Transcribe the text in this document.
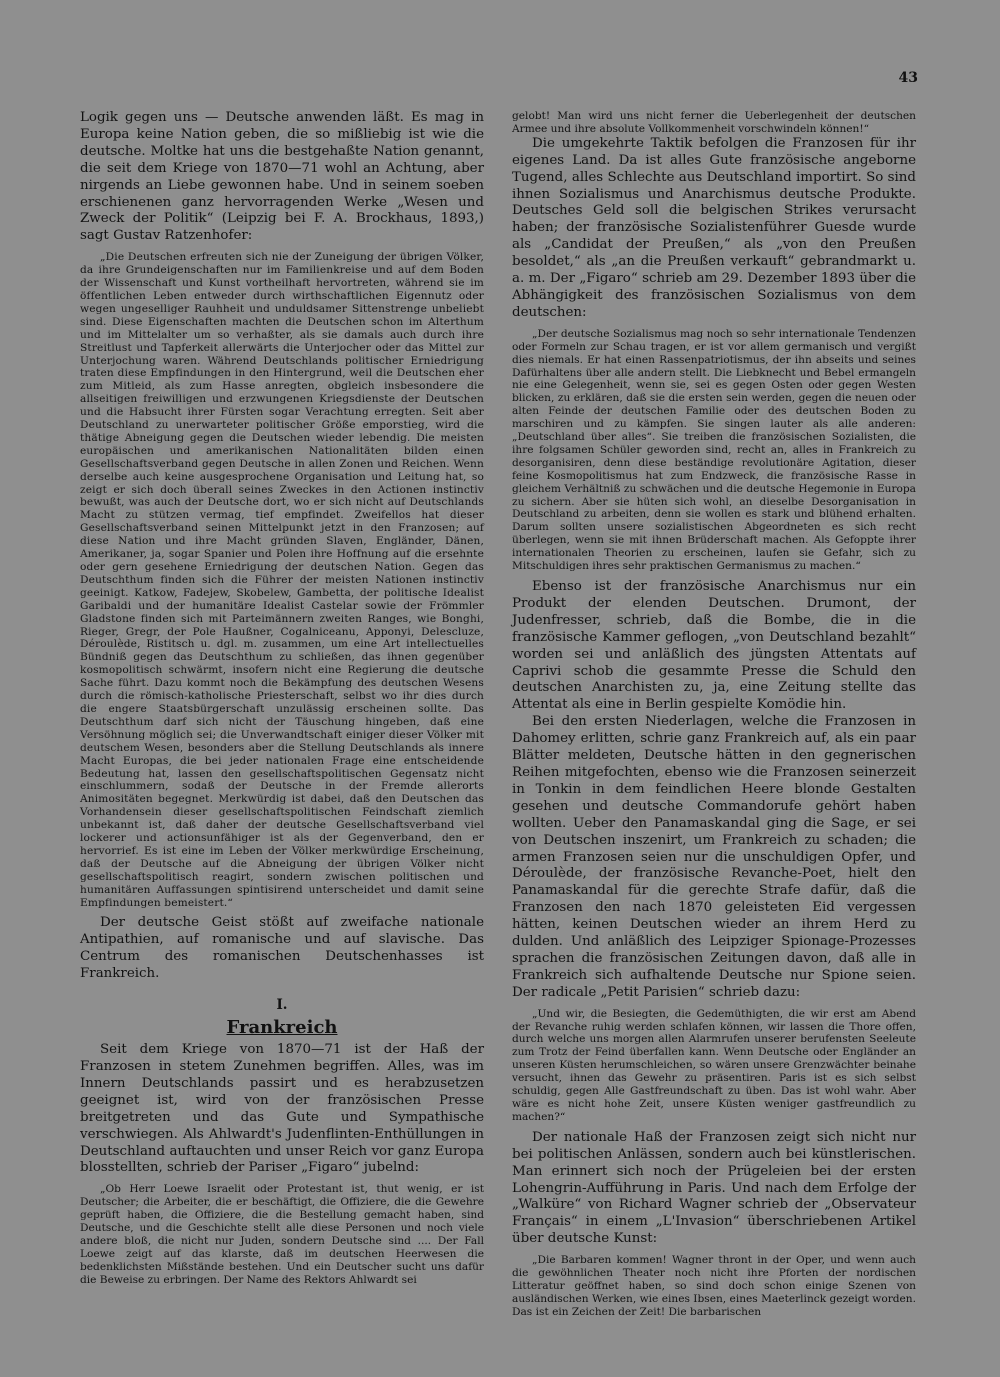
43

Logik gegen uns — Deutsche anwenden läßt. Es mag in Europa keine Nation geben, die so mißliebig ist wie die deutsche. Moltke hat uns die bestgehaßte Nation genannt, die seit dem Kriege von 1870—71 wohl an Achtung, aber nirgends an Liebe gewonnen habe. Und in seinem soeben erschienenen ganz hervorragenden Werke „Wesen und Zweck der Politik“ (Leipzig bei F. A. Brockhaus, 1893,) sagt Gustav Ratzenhofer:

„Die Deutschen erfreuten sich nie der Zuneigung der übrigen Völker, da ihre Grundeigenschaften nur im Familienkreise und auf dem Boden der Wissenschaft und Kunst vortheilhaft hervortreten, während sie im öffentlichen Leben entweder durch wirthschaftlichen Eigennutz oder wegen ungeselliger Rauhheit und unduldsamer Sittenstrenge unbeliebt sind. Diese Eigenschaften machten die Deutschen schon im Alterthum und im Mittelalter um so verhaßter, als sie damals auch durch ihre Streitlust und Tapferkeit allerwärts die Unterjocher oder das Mittel zur Unterjochung waren. Während Deutschlands politischer Erniedrigung traten diese Empfindungen in den Hintergrund, weil die Deutschen eher zum Mitleid, als zum Hasse anregten, obgleich insbesondere die allseitigen freiwilligen und erzwungenen Kriegsdienste der Deutschen und die Habsucht ihrer Fürsten sogar Verachtung erregten. Seit aber Deutschland zu unerwarteter politischer Größe emporstieg, wird die thätige Abneigung gegen die Deutschen wieder lebendig. Die meisten europäischen und amerikanischen Nationalitäten bilden einen Gesellschaftsverband gegen Deutsche in allen Zonen und Reichen. Wenn derselbe auch keine ausgesprochene Organisation und Leitung hat, so zeigt er sich doch überall seines Zweckes in den Actionen instinctiv bewußt, was auch der Deutsche dort, wo er sich nicht auf Deutschlands Macht zu stützen vermag, tief empfindet. Zweifellos hat dieser Gesellschaftsverband seinen Mittelpunkt jetzt in den Franzosen; auf diese Nation und ihre Macht gründen Slaven, Engländer, Dänen, Amerikaner, ja, sogar Spanier und Polen ihre Hoffnung auf die ersehnte oder gern gesehene Erniedrigung der deutschen Nation. Gegen das Deutschthum finden sich die Führer der meisten Nationen instinctiv geeinigt. Katkow, Fadejew, Skobelew, Gambetta, der politische Idealist Garibaldi und der humanitäre Idealist Castelar sowie der Frömmler Gladstone finden sich mit Parteimännern zweiten Ranges, wie Bonghi, Rieger, Gregr, der Pole Haußner, Cogalniceanu, Apponyi, Delescluze, Déroulède, Ristitsch u. dgl. m. zusammen, um eine Art intellectuelles Bündniß gegen das Deutschthum zu schließen, das ihnen gegenüber kosmopolitisch schwärmt, insofern nicht eine Regierung die deutsche Sache führt. Dazu kommt noch die Bekämpfung des deutschen Wesens durch die römisch-katholische Priesterschaft, selbst wo ihr dies durch die engere Staatsbürgerschaft unzulässig erscheinen sollte. Das Deutschthum darf sich nicht der Täuschung hingeben, daß eine Versöhnung möglich sei; die Unverwandtschaft einiger dieser Völker mit deutschem Wesen, besonders aber die Stellung Deutschlands als innere Macht Europas, die bei jeder nationalen Frage eine entscheidende Bedeutung hat, lassen den gesellschaftspolitischen Gegensatz nicht einschlummern, sodaß der Deutsche in der Fremde allerorts Animositäten begegnet. Merkwürdig ist dabei, daß den Deutschen das Vorhandensein dieser gesellschaftspolitischen Feindschaft ziemlich unbekannt ist, daß daher der deutsche Gesellschaftsverband viel lockerer und actionsunfähiger ist als der Gegenverband, den er hervorrief. Es ist eine im Leben der Völker merkwürdige Erscheinung, daß der Deutsche auf die Abneigung der übrigen Völker nicht gesellschaftspolitisch reagirt, sondern zwischen politischen und humanitären Auffassungen spintisirend unterscheidet und damit seine Empfindungen bemeistert.“

Der deutsche Geist stößt auf zweifache nationale Antipathien, auf romanische und auf slavische. Das Centrum des romanischen Deutschenhasses ist Frankreich.

I.
Frankreich

Seit dem Kriege von 1870—71 ist der Haß der Franzosen in stetem Zunehmen begriffen. Alles, was im Innern Deutschlands passirt und es herabzusetzen geeignet ist, wird von der französischen Presse breitgetreten und das Gute und Sympathische verschwiegen. Als Ahlwardt's Judenflinten-Enthüllungen in Deutschland auftauchten und unser Reich vor ganz Europa blosstellten, schrieb der Pariser „Figaro“ jubelnd:

„Ob Herr Loewe Israelit oder Protestant ist, thut wenig, er ist Deutscher; die Arbeiter, die er beschäftigt, die Offiziere, die die Gewehre geprüft haben, die Offiziere, die die Bestellung gemacht haben, sind Deutsche, und die Geschichte stellt alle diese Personen und noch viele andere bloß, die nicht nur Juden, sondern Deutsche sind .... Der Fall Loewe zeigt auf das klarste, daß im deutschen Heerwesen die bedenklichsten Mißstände bestehen. Und ein Deutscher sucht uns dafür die Beweise zu erbringen. Der Name des Rektors Ahlwardt sei

gelobt! Man wird uns nicht ferner die Ueberlegenheit der deutschen Armee und ihre absolute Vollkommenheit vorschwindeln können!“

Die umgekehrte Taktik befolgen die Franzosen für ihr eigenes Land. Da ist alles Gute französische angeborne Tugend, alles Schlechte aus Deutschland importirt. So sind ihnen Sozialismus und Anarchismus deutsche Produkte. Deutsches Geld soll die belgischen Strikes verursacht haben; der französische Sozialistenführer Guesde wurde als „Candidat der Preußen,“ als „von den Preußen besoldet,“ als „an die Preußen verkauft“ gebrandmarkt u. a. m. Der „Figaro“ schrieb am 29. Dezember 1893 über die Abhängigkeit des französischen Sozialismus von dem deutschen:

„Der deutsche Sozialismus mag noch so sehr internationale Tendenzen oder Formeln zur Schau tragen, er ist vor allem germanisch und vergißt dies niemals. Er hat einen Rassenpatriotismus, der ihn abseits und seines Dafürhaltens über alle andern stellt. Die Liebknecht und Bebel ermangeln nie eine Gelegenheit, wenn sie, sei es gegen Osten oder gegen Westen blicken, zu erklären, daß sie die ersten sein werden, gegen die neuen oder alten Feinde der deutschen Familie oder des deutschen Boden zu marschiren und zu kämpfen. Sie singen lauter als alle anderen: „Deutschland über alles“. Sie treiben die französischen Sozialisten, die ihre folgsamen Schüler geworden sind, recht an, alles in Frankreich zu desorganisiren, denn diese beständige revolutionäre Agitation, dieser feine Kosmopolitismus hat zum Endzweck, die französische Rasse in gleichem Verhältniß zu schwächen und die deutsche Hegemonie in Europa zu sichern. Aber sie hüten sich wohl, an dieselbe Desorganisation in Deutschland zu arbeiten, denn sie wollen es stark und blühend erhalten. Darum sollten unsere sozialistischen Abgeordneten es sich recht überlegen, wenn sie mit ihnen Brüderschaft machen. Als Gefoppte ihrer internationalen Theorien zu erscheinen, laufen sie Gefahr, sich zu Mitschuldigen ihres sehr praktischen Germanismus zu machen.“

Ebenso ist der französische Anarchismus nur ein Produkt der elenden Deutschen. Drumont, der Judenfresser, schrieb, daß die Bombe, die in die französische Kammer geflogen, „von Deutschland bezahlt“ worden sei und anläßlich des jüngsten Attentats auf Caprivi schob die gesammte Presse die Schuld den deutschen Anarchisten zu, ja, eine Zeitung stellte das Attentat als eine in Berlin gespielte Komödie hin.

Bei den ersten Niederlagen, welche die Franzosen in Dahomey erlitten, schrie ganz Frankreich auf, als ein paar Blätter meldeten, Deutsche hätten in den gegnerischen Reihen mitgefochten, ebenso wie die Franzosen seinerzeit in Tonkin in dem feindlichen Heere blonde Gestalten gesehen und deutsche Commandorufe gehört haben wollten. Ueber den Panamaskandal ging die Sage, er sei von Deutschen inszenirt, um Frankreich zu schaden; die armen Franzosen seien nur die unschuldigen Opfer, und Déroulède, der französische Revanche-Poet, hielt den Panamaskandal für die gerechte Strafe dafür, daß die Franzosen den nach 1870 geleisteten Eid vergessen hätten, keinen Deutschen wieder an ihrem Herd zu dulden. Und anläßlich des Leipziger Spionage-Prozesses sprachen die französischen Zeitungen davon, daß alle in Frankreich sich aufhaltende Deutsche nur Spione seien. Der radicale „Petit Parisien“ schrieb dazu:

„Und wir, die Besiegten, die Gedemüthigten, die wir erst am Abend der Revanche ruhig werden schlafen können, wir lassen die Thore offen, durch welche uns morgen allen Alarmrufen unserer berufensten Seeleute zum Trotz der Feind überfallen kann. Wenn Deutsche oder Engländer an unseren Küsten herumschleichen, so wären unsere Grenzwächter beinahe versucht, ihnen das Gewehr zu präsentiren. Paris ist es sich selbst schuldig, gegen Alle Gastfreundschaft zu üben. Das ist wohl wahr. Aber wäre es nicht hohe Zeit, unsere Küsten weniger gastfreundlich zu machen?“

Der nationale Haß der Franzosen zeigt sich nicht nur bei politischen Anlässen, sondern auch bei künstlerischen. Man erinnert sich noch der Prügeleien bei der ersten Lohengrin-Aufführung in Paris. Und nach dem Erfolge der „Walküre“ von Richard Wagner schrieb der „Observateur Français“ in einem „L'Invasion“ überschriebenen Artikel über deutsche Kunst:

„Die Barbaren kommen! Wagner thront in der Oper, und wenn auch die gewöhnlichen Theater noch nicht ihre Pforten der nordischen Litteratur geöffnet haben, so sind doch schon einige Szenen von ausländischen Werken, wie eines Ibsen, eines Maeterlinck gezeigt worden. Das ist ein Zeichen der Zeit! Die barbarischen
